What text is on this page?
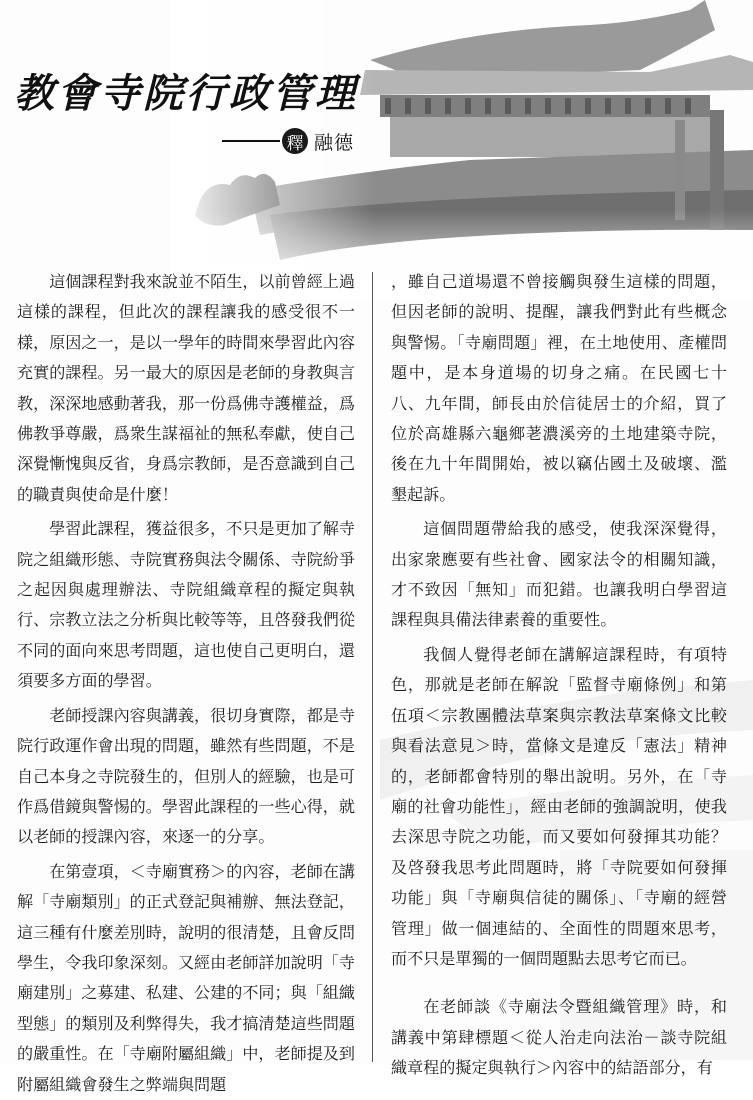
教會寺院行政管理
釋 融德

這個課程對我來說並不陌生，以前曾經上過這樣的課程，但此次的課程讓我的感受很不一樣，原因之一，是以一學年的時間來學習此內容充實的課程。另一最大的原因是老師的身教與言教，深深地感動著我，那一份爲佛寺護權益，爲佛教爭尊嚴，爲衆生謀福祉的無私奉獻，使自己深覺慚愧與反省，身爲宗教師，是否意識到自己的職責與使命是什麼！

學習此課程，獲益很多，不只是更加了解寺院之組織形態、寺院實務與法令關係、寺院紛爭之起因與處理辦法、寺院組織章程的擬定與執行、宗教立法之分析與比較等等，且啓發我們從不同的面向來思考問題，這也使自己更明白，還須要多方面的學習。

老師授課內容與講義，很切身實際，都是寺院行政運作會出現的問題，雖然有些問題，不是自己本身之寺院發生的，但別人的經驗，也是可作爲借鏡與警惕的。學習此課程的一些心得，就以老師的授課內容，來逐一的分享。

在第壹項，＜寺廟實務＞的內容，老師在講解「寺廟類別」的正式登記與補辦、無法登記，這三種有什麼差別時，說明的很清楚，且會反問學生，令我印象深刻。又經由老師詳加說明「寺廟建別」之募建、私建、公建的不同；與「組織型態」的類別及利弊得失，我才搞清楚這些問題的嚴重性。在「寺廟附屬組織」中，老師提及到附屬組織會發生之弊端與問題

，雖自己道場還不曾接觸與發生這樣的問題，但因老師的說明、提醒，讓我們對此有些概念與警惕。「寺廟問題」裡，在土地使用、產權問題中，是本身道場的切身之痛。在民國七十八、九年間，師長由於信徒居士的介紹，買了位於高雄縣六龜鄉荖濃溪旁的土地建築寺院，後在九十年間開始，被以竊佔國土及破壞、濫墾起訴。

這個問題帶給我的感受，使我深深覺得，出家衆應要有些社會、國家法令的相關知識，才不致因「無知」而犯錯。也讓我明白學習這課程與具備法律素養的重要性。

我個人覺得老師在講解這課程時，有項特色，那就是老師在解說「監督寺廟條例」和第伍項＜宗教團體法草案與宗教法草案條文比較與看法意見＞時，當條文是違反「憲法」精神的，老師都會特別的舉出說明。另外，在「寺廟的社會功能性」，經由老師的強調說明，使我去深思寺院之功能，而又要如何發揮其功能？及啓發我思考此問題時，將「寺院要如何發揮功能」與「寺廟與信徒的關係」、「寺廟的經營管理」做一個連結的、全面性的問題來思考，而不只是單獨的一個問題點去思考它而已。

在老師談《寺廟法令暨組織管理》時，和講義中第肆標題＜從人治走向法治－談寺院組織章程的擬定與執行＞內容中的結語部分，有
